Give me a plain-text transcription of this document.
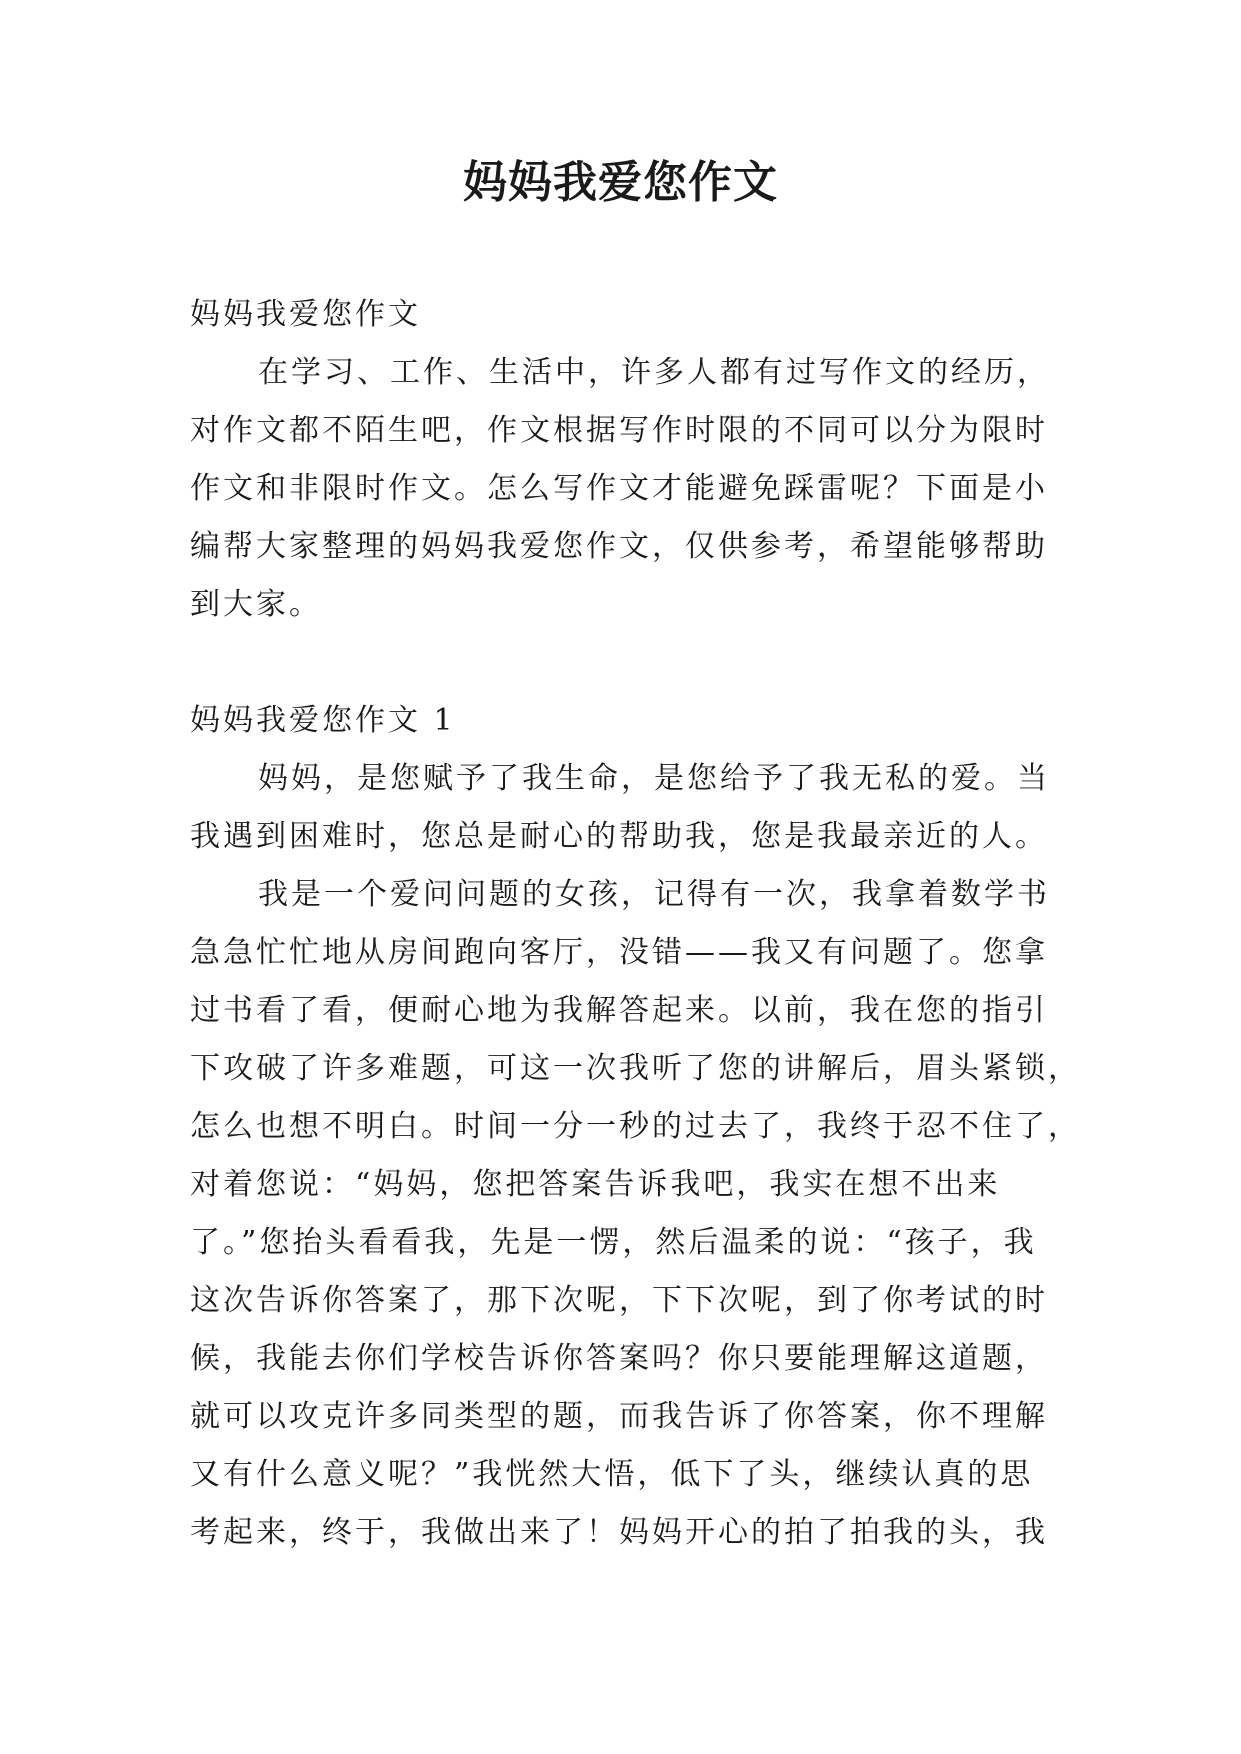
妈妈我爱您作文
妈妈我爱您作文
在学习、工作、生活中，许多人都有过写作文的经历，
对作文都不陌生吧，作文根据写作时限的不同可以分为限时
作文和非限时作文。怎么写作文才能避免踩雷呢？下面是小
编帮大家整理的妈妈我爱您作文，仅供参考，希望能够帮助
到大家。
妈妈我爱您作文 1
妈妈，是您赋予了我生命，是您给予了我无私的爱。当
我遇到困难时，您总是耐心的帮助我，您是我最亲近的人。
我是一个爱问问题的女孩，记得有一次，我拿着数学书
急急忙忙地从房间跑向客厅，没错——我又有问题了。您拿
过书看了看，便耐心地为我解答起来。以前，我在您的指引
下攻破了许多难题，可这一次我听了您的讲解后，眉头紧锁，
怎么也想不明白。时间一分一秒的过去了，我终于忍不住了，
对着您说：“妈妈，您把答案告诉我吧，我实在想不出来
了。”您抬头看看我，先是一愣，然后温柔的说：“孩子，我
这次告诉你答案了，那下次呢，下下次呢，到了你考试的时
候，我能去你们学校告诉你答案吗？你只要能理解这道题，
就可以攻克许多同类型的题，而我告诉了你答案，你不理解
又有什么意义呢？”我恍然大悟，低下了头，继续认真的思
考起来，终于，我做出来了！妈妈开心的拍了拍我的头，我
